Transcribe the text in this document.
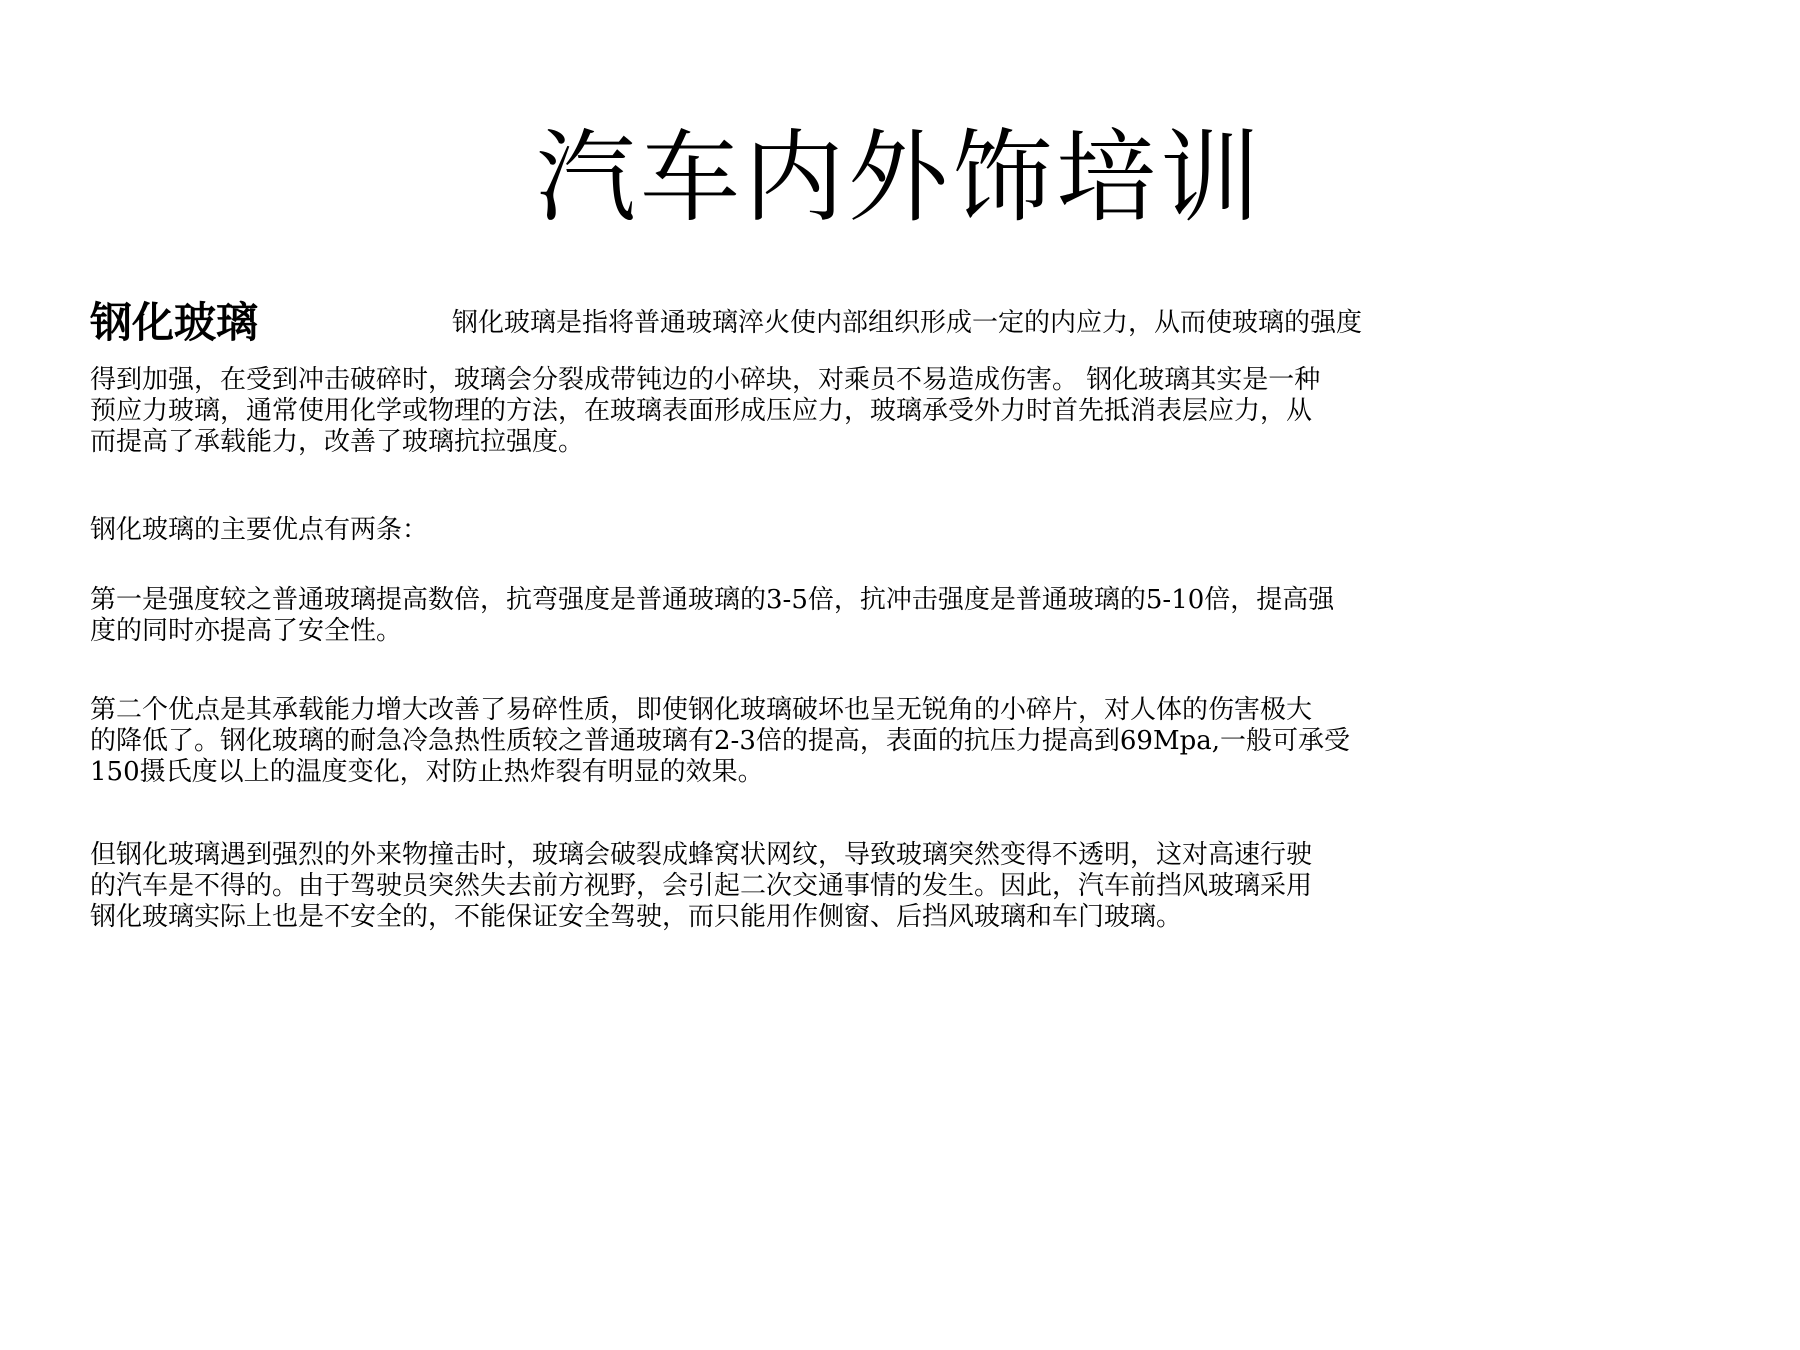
汽车内外饰培训
钢化玻璃	钢化玻璃是指将普通玻璃淬火使内部组织形成一定的内应力，从而使玻璃的强度
得到加强，在受到冲击破碎时，玻璃会分裂成带钝边的小碎块，对乘员不易造成伤害。 钢化玻璃其实是一种
预应力玻璃，通常使用化学或物理的方法，在玻璃表面形成压应力，玻璃承受外力时首先抵消表层应力，从
而提高了承载能力，改善了玻璃抗拉强度。
钢化玻璃的主要优点有两条：
第一是强度较之普通玻璃提高数倍，抗弯强度是普通玻璃的3-5倍，抗冲击强度是普通玻璃的5-10倍，提高强
度的同时亦提高了安全性。
第二个优点是其承载能力增大改善了易碎性质，即使钢化玻璃破坏也呈无锐角的小碎片，对人体的伤害极大
的降低了。钢化玻璃的耐急冷急热性质较之普通玻璃有2-3倍的提高，表面的抗压力提高到69Mpa,一般可承受
150摄氏度以上的温度变化，对防止热炸裂有明显的效果。
但钢化玻璃遇到强烈的外来物撞击时，玻璃会破裂成蜂窝状网纹，导致玻璃突然变得不透明，这对高速行驶
的汽车是不得的。由于驾驶员突然失去前方视野，会引起二次交通事情的发生。因此，汽车前挡风玻璃采用
钢化玻璃实际上也是不安全的，不能保证安全驾驶，而只能用作侧窗、后挡风玻璃和车门玻璃。
